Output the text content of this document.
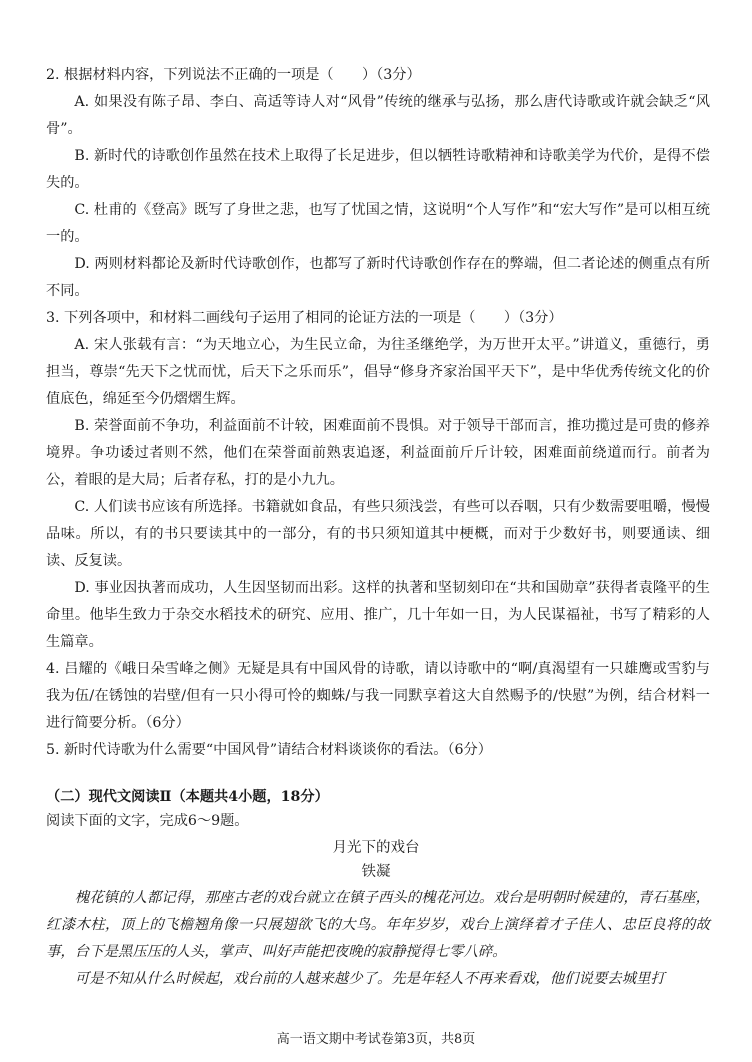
2. 根据材料内容，下列说法不正确的一项是（　　）（3分）

A. 如果没有陈子昂、李白、高适等诗人对“风骨”传统的继承与弘扬，那么唐代诗歌或许就会缺乏“风骨”。

B. 新时代的诗歌创作虽然在技术上取得了长足进步，但以牺牲诗歌精神和诗歌美学为代价，是得不偿失的。

C. 杜甫的《登高》既写了身世之悲，也写了忧国之情，这说明“个人写作”和“宏大写作”是可以相互统一的。

D. 两则材料都论及新时代诗歌创作，也都写了新时代诗歌创作存在的弊端，但二者论述的侧重点有所不同。

3. 下列各项中，和材料二画线句子运用了相同的论证方法的一项是（　　）（3分）

A. 宋人张载有言：“为天地立心，为生民立命，为往圣继绝学，为万世开太平。”讲道义，重德行，勇担当，尊崇“先天下之忧而忧，后天下之乐而乐”，倡导“修身齐家治国平天下”，是中华优秀传统文化的价值底色，绵延至今仍熠熠生辉。

B. 荣誉面前不争功，利益面前不计较，困难面前不畏惧。对于领导干部而言，推功揽过是可贵的修养境界。争功诿过者则不然，他们在荣誉面前熟衷追逐，利益面前斤斤计较，困难面前绕道而行。前者为公，着眼的是大局；后者存私，打的是小九九。

C. 人们读书应该有所选择。书籍就如食品，有些只须浅尝，有些可以吞咽，只有少数需要咀嚼，慢慢品味。所以，有的书只要读其中的一部分，有的书只须知道其中梗概，而对于少数好书，则要通读、细读、反复读。

D. 事业因执著而成功，人生因坚韧而出彩。这样的执著和坚韧刻印在“共和国勋章”获得者袁隆平的生命里。他毕生致力于杂交水稻技术的研究、应用、推广，几十年如一日，为人民谋福祉，书写了精彩的人生篇章。

4. 吕耀的《峨日朵雪峰之侧》无疑是具有中国风骨的诗歌，请以诗歌中的“啊/真渴望有一只雄鹰或雪豹与我为伍/在锈蚀的岩壁/但有一只小得可怜的蜘蛛/与我一同默享着这大自然赐予的/快慰”为例，结合材料一进行简要分析。（6分）

5. 新时代诗歌为什么需要“中国风骨”请结合材料谈谈你的看法。（6分）

（二）现代文阅读Ⅱ（本题共4小题，18分）

阅读下面的文字，完成6～9题。

月光下的戏台

铁凝

槐花镇的人都记得，那座古老的戏台就立在镇子西头的槐花河边。戏台是明朝时候建的，青石基座，红漆木柱，顶上的飞檐翘角像一只展翅欲飞的大鸟。年年岁岁，戏台上演绎着才子佳人、忠臣良将的故事，台下是黑压压的人头，掌声、叫好声能把夜晚的寂静搅得七零八碎。

可是不知从什么时候起，戏台前的人越来越少了。先是年轻人不再来看戏，他们说要去城里打

高一语文期中考试卷第3页，共8页
